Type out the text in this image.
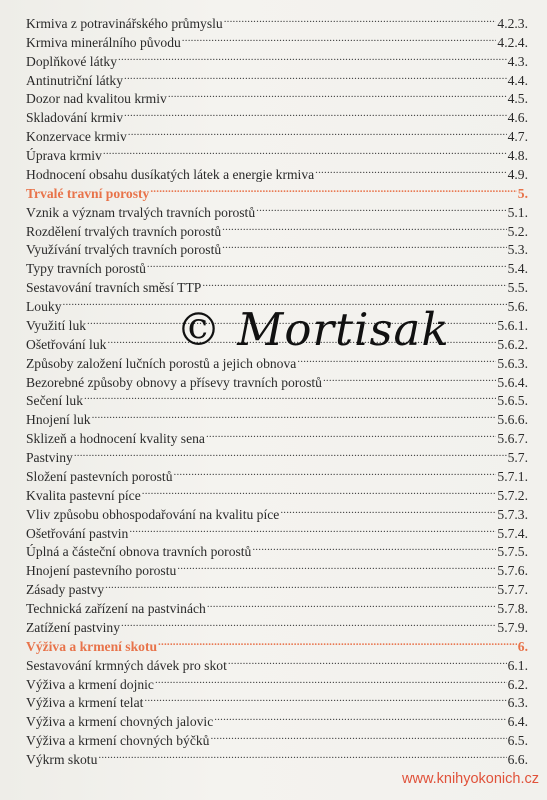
Krmiva z potravinářského průmyslu .....	4.2.3.
Krmiva minerálního původu .....	4.2.4.
Doplňkové látky .....	4.3.
Antinutriční látky .....	4.4.
Dozor nad kvalitou krmiv .....	4.5.
Skladování krmiv .....	4.6.
Konzervace krmiv .....	4.7.
Úprava krmiv .....	4.8.
Hodnocení obsahu dusíkatých látek a energie krmiva .....	4.9.
Trvalé travní porosty .....	5.
Vznik a význam trvalých travních porostů .....	5.1.
Rozdělení trvalých travních porostů .....	5.2.
Využívání trvalých travních porostů .....	5.3.
Typy travních porostů .....	5.4.
Sestavování travních směsí TTP .....	5.5.
Louky .....	5.6.
Využití luk .....	5.6.1.
Ošetřování luk .....	5.6.2.
Způsoby založení lučních porostů a jejich obnova .....	5.6.3.
Bezorebné způsoby obnovy a přísevy travních porostů .....	5.6.4.
Sečení luk .....	5.6.5.
Hnojení luk .....	5.6.6.
Sklizeň a hodnocení kvality sena .....	5.6.7.
Pastviny .....	5.7.
Složení pastevních porostů .....	5.7.1.
Kvalita pastevní píce .....	5.7.2.
Vliv způsobu obhospodařování na kvalitu píce .....	5.7.3.
Ošetřování pastvin .....	5.7.4.
Úplná a částeční obnova travních porostů .....	5.7.5.
Hnojení pastevního porostu .....	5.7.6.
Zásady pastvy .....	5.7.7.
Technická zařízení na pastvinách .....	5.7.8.
Zatížení pastviny .....	5.7.9.
Výživa a krmení skotu .....	6.
Sestavování krmných dávek pro skot .....	6.1.
Výživa a krmení dojnic .....	6.2.
Výživa a krmení telat .....	6.3.
Výživa a krmení chovných jalovic .....	6.4.
Výživa a krmení chovných býčků .....	6.5.
Výkrm skotu .....	6.6.
© Mortisak
www.knihyokonich.cz
